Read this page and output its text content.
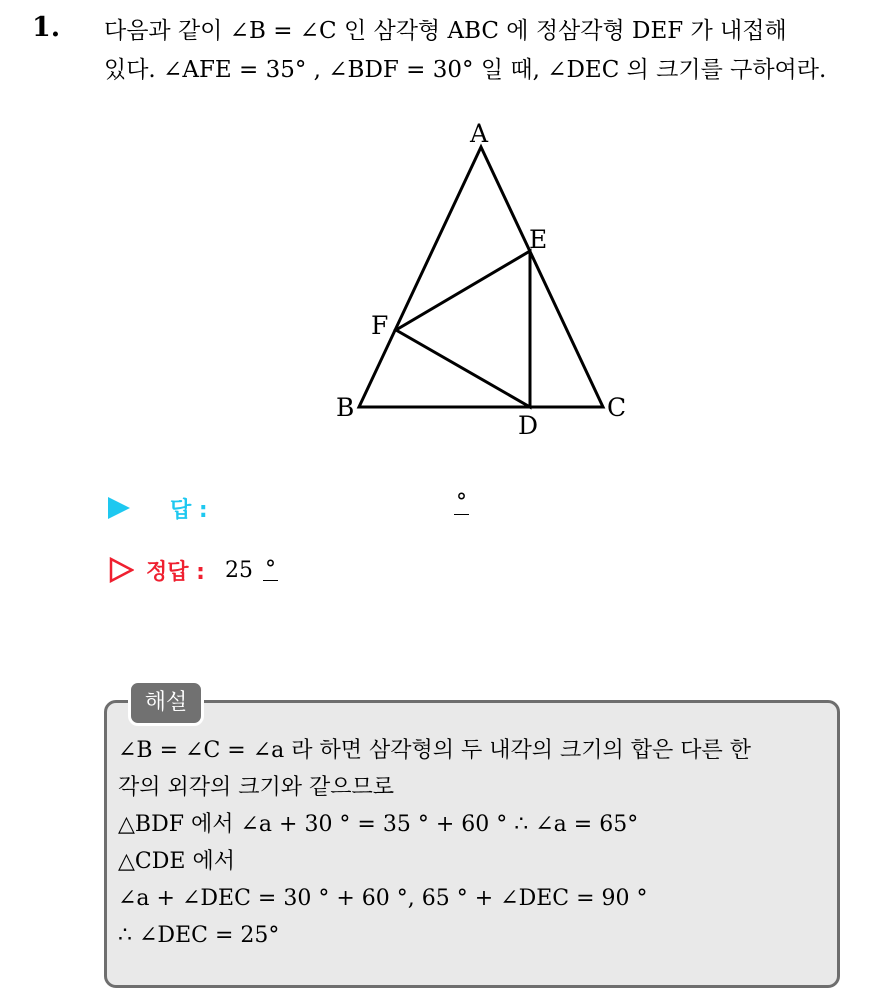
1. 다음과 같이 ∠B = ∠C 인 삼각형 ABC 에 정삼각형 DEF 가 내접해
있다. ∠AFE = 35° , ∠BDF = 30° 일 때, ∠DEC 의 크기를 구하여라.
A
B	C
D
E
F
답 :	°
정답 : 25 °
해설
∠B = ∠C = ∠a 라 하면 삼각형의 두 내각의 크기의 합은 다른 한
각의 외각의 크기와 같으므로
△BDF 에서 ∠a + 30 ° = 35 ° + 60 ° ∴ ∠a = 65°
△CDE 에서
∠a + ∠DEC = 30 ° + 60 °, 65 ° + ∠DEC = 90 °
∴ ∠DEC = 25°
